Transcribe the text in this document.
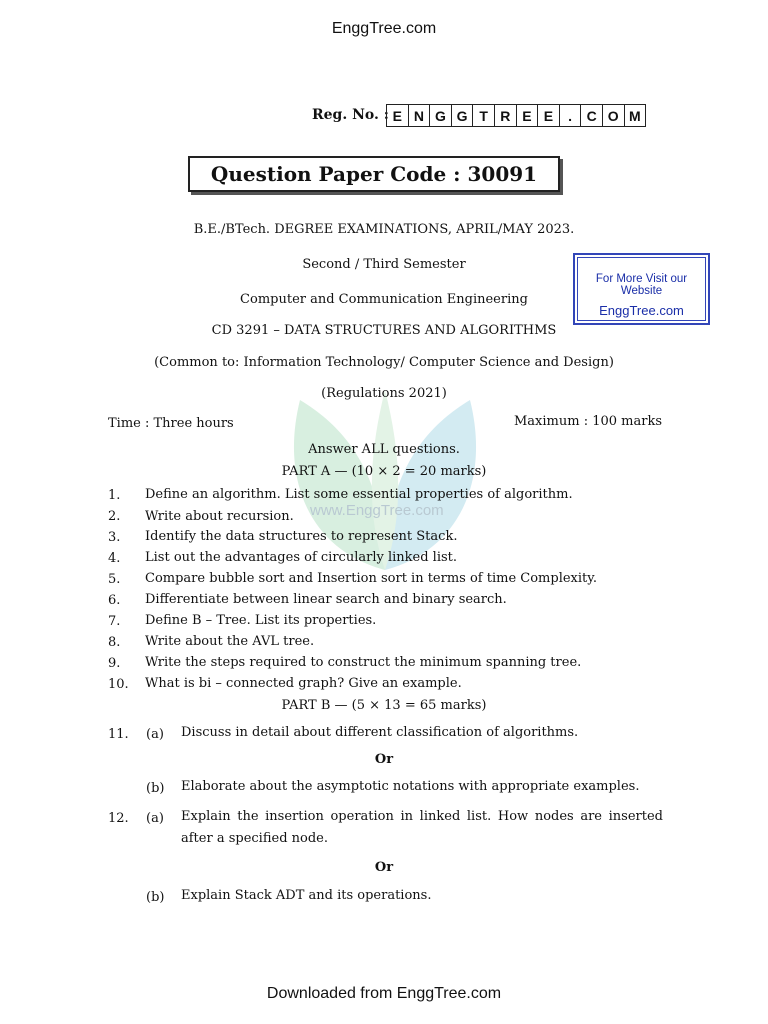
EnggTree.com
Downloaded from EnggTree.com
www.EnggTree.com
Reg. No. : E N G G T R E E	.	C O M
Question Paper Code : 30091
B.E./BTech. DEGREE EXAMINATIONS, APRIL/MAY 2023.
Second / Third Semester
Computer and Communication Engineering
CD 3291 – DATA STRUCTURES AND ALGORITHMS
(Common to: Information Technology/ Computer Science and Design)
(Regulations 2021)
For More Visit our Website
EnggTree.com
Time : Three hours	Maximum : 100 marks
Answer ALL questions.
PART A — (10 × 2 = 20 marks)
1. Define an algorithm. List some essential properties of algorithm.
2. Write about recursion.
3. Identify the data structures to represent Stack.
4. List out the advantages of circularly linked list.
5. Compare bubble sort and Insertion sort in terms of time Complexity.
6. Differentiate between linear search and binary search.
7. Define B – Tree. List its properties.
8. Write about the AVL tree.
9. Write the steps required to construct the minimum spanning tree.
10. What is bi – connected graph? Give an example.
PART B — (5 × 13 = 65 marks)
11. (a) Discuss in detail about different classification of algorithms.
Or
(b) Elaborate about the asymptotic notations with appropriate examples.
12. (a) Explain the insertion operation in linked list. How nodes are inserted after a specified node.
Or
(b) Explain Stack ADT and its operations.
